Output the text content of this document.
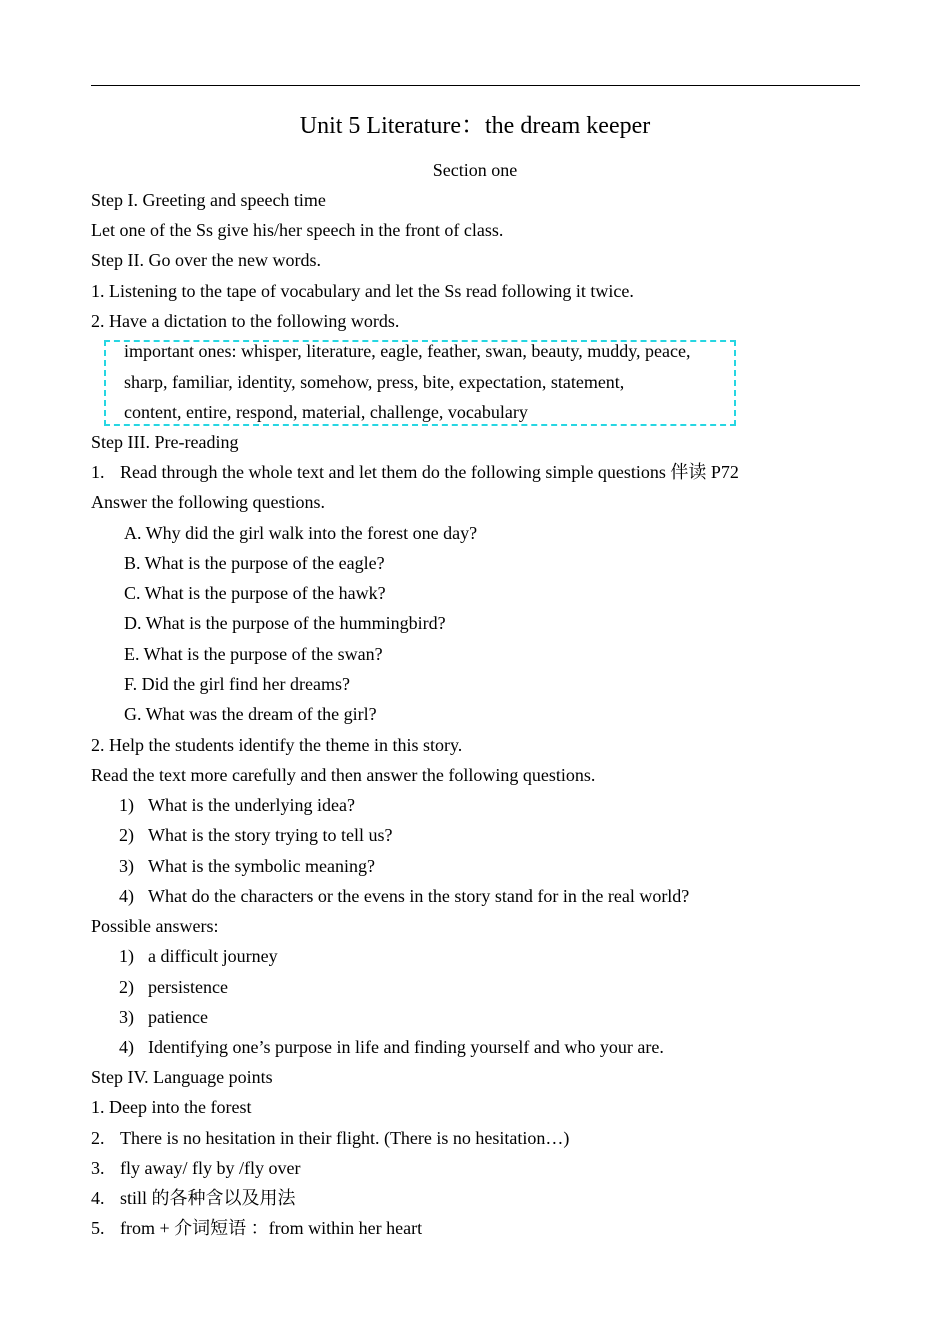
Unit 5 Literature：the dream keeper
Section one
Step I. Greeting and speech time
Let one of the Ss give his/her speech in the front of class.
Step II. Go over the new words.
1. Listening to the tape of vocabulary and let the Ss read following it twice.
2. Have a dictation to the following words.
important ones: whisper, literature, eagle, feather, swan, beauty, muddy, peace,
sharp, familiar, identity, somehow, press, bite, expectation, statement,
content, entire, respond, material, challenge, vocabulary
Step III. Pre-reading
1. Read through the whole text and let them do the following simple questions 伴读 P72
Answer the following questions.
A. Why did the girl walk into the forest one day?
B. What is the purpose of the eagle?
C. What is the purpose of the hawk?
D. What is the purpose of the hummingbird?
E. What is the purpose of the swan?
F. Did the girl find her dreams?
G. What was the dream of the girl?
2. Help the students identify the theme in this story.
Read the text more carefully and then answer the following questions.
1) What is the underlying idea?
2) What is the story trying to tell us?
3) What is the symbolic meaning?
4) What do the characters or the evens in the story stand for in the real world?
Possible answers:
1) a difficult journey
2) persistence
3) patience
4) Identifying one’s purpose in life and finding yourself and who your are.
Step IV. Language points
1. Deep into the forest
2. There is no hesitation in their flight. (There is no hesitation…)
3. fly away/ fly by /fly over
4. still 的各种含以及用法
5. from + 介词短语 ：from within her heart
